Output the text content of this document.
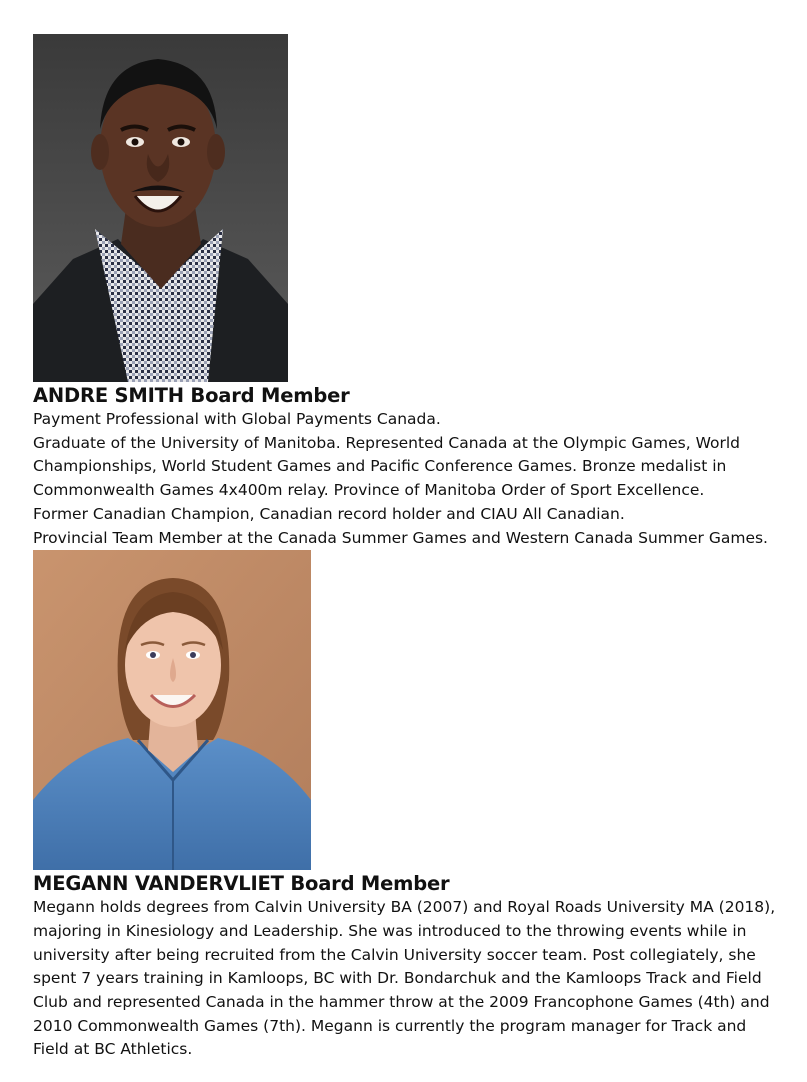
ANDRE SMITH Board Member

Payment Professional with Global Payments Canada.

Graduate of the University of Manitoba. Represented Canada at the Olympic Games, World

Championships, World Student Games and Pacific Conference Games. Bronze medalist in

Commonwealth Games 4x400m relay. Province of Manitoba Order of Sport Excellence.

Former Canadian Champion, Canadian record holder and CIAU All Canadian.

Provincial Team Member at the Canada Summer Games and Western Canada Summer Games.

MEGANN VANDERVLIET Board Member

Megann holds degrees from Calvin University BA (2007) and Royal Roads University MA (2018),

majoring in Kinesiology and Leadership. She was introduced to the throwing events while in

university after being recruited from the Calvin University soccer team. Post collegiately, she

spent 7 years training in Kamloops, BC with Dr. Bondarchuk and the Kamloops Track and Field

Club and represented Canada in the hammer throw at the 2009 Francophone Games (4th) and

2010 Commonwealth Games (7th). Megann is currently the program manager for Track and

Field at BC Athletics.
